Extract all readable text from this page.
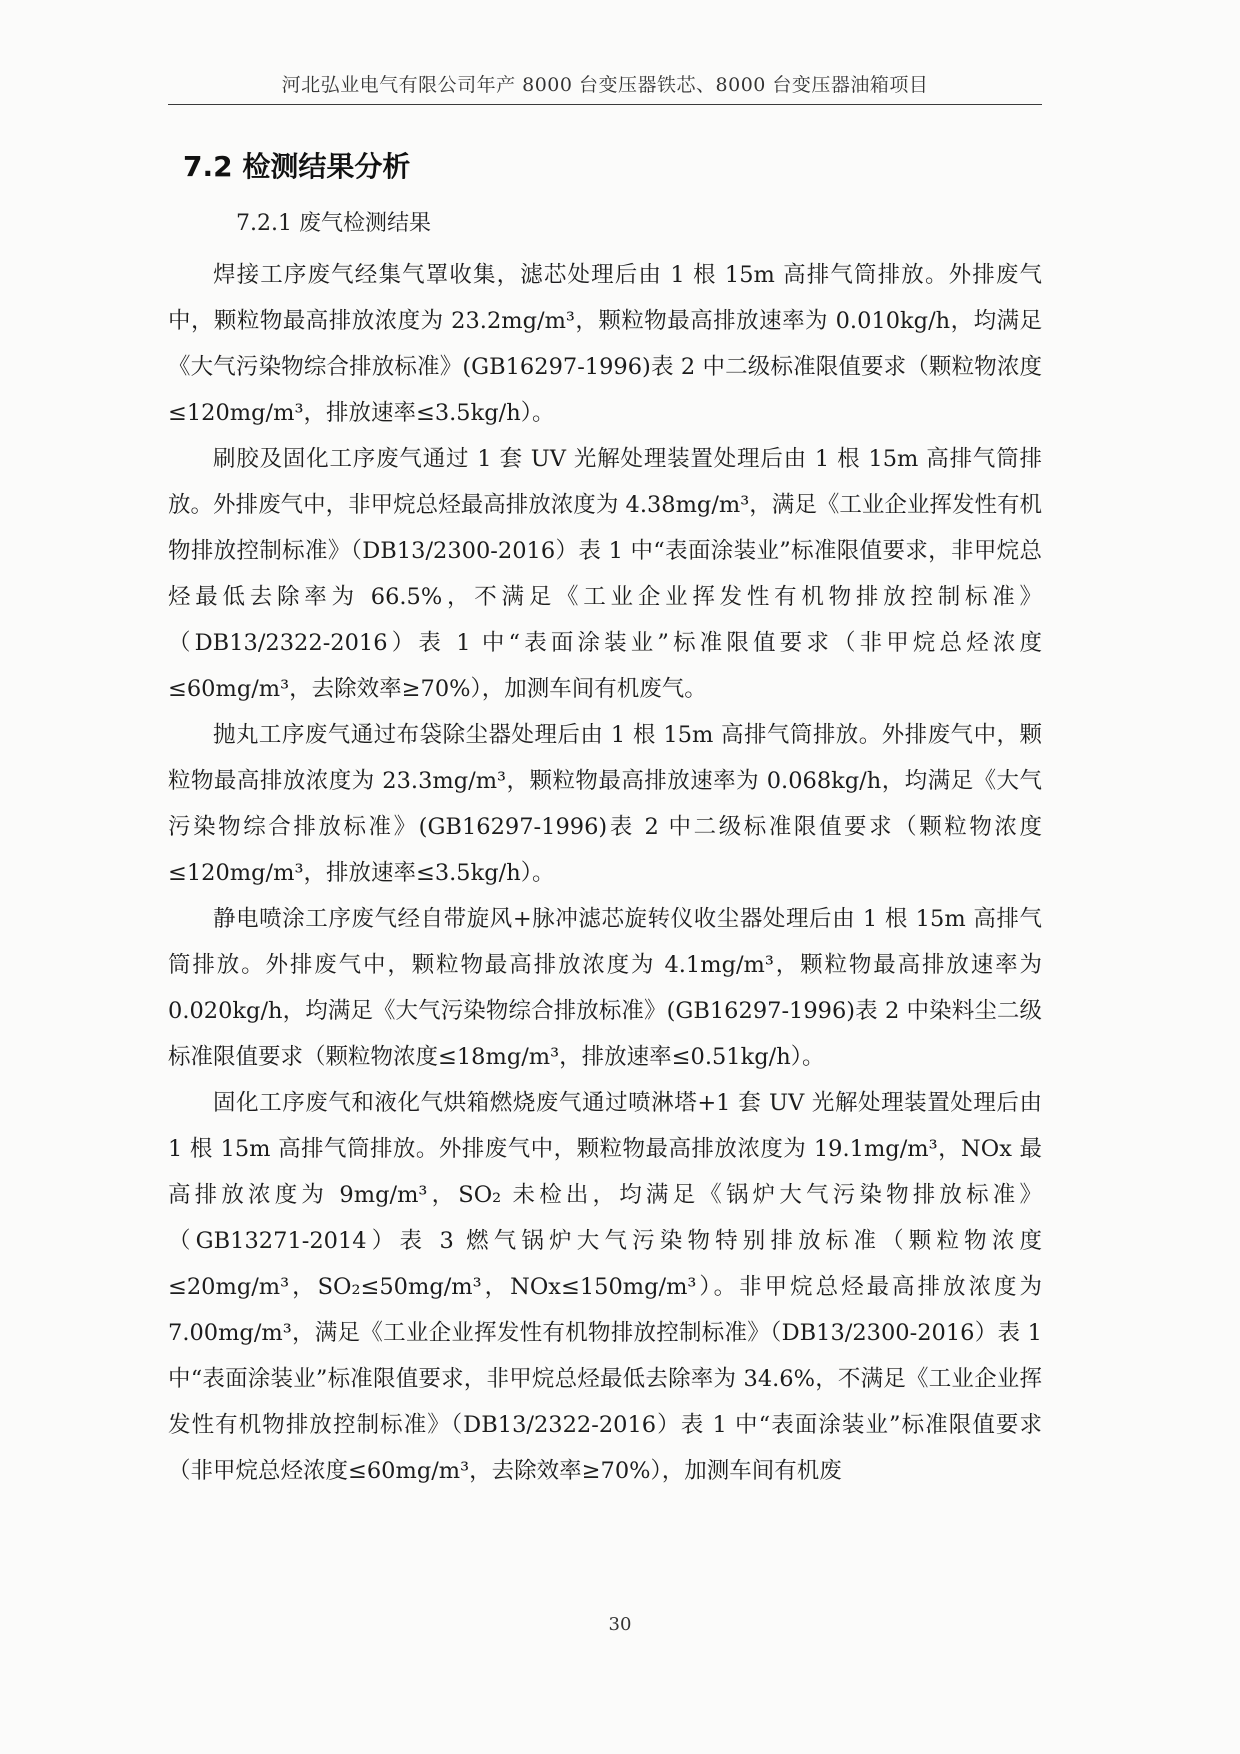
河北弘业电气有限公司年产 8000 台变压器铁芯、8000 台变压器油箱项目
7.2 检测结果分析
7.2.1 废气检测结果

焊接工序废气经集气罩收集，滤芯处理后由 1 根 15m 高排气筒排放。外排废气中，颗粒物最高排放浓度为 23.2mg/m³，颗粒物最高排放速率为 0.010kg/h，均满足《大气污染物综合排放标准》(GB16297-1996)表 2 中二级标准限值要求（颗粒物浓度≤120mg/m³，排放速率≤3.5kg/h）。

刷胶及固化工序废气通过 1 套 UV 光解处理装置处理后由 1 根 15m 高排气筒排放。外排废气中，非甲烷总烃最高排放浓度为 4.38mg/m³，满足《工业企业挥发性有机物排放控制标准》（DB13/2300-2016）表 1 中“表面涂装业”标准限值要求，非甲烷总烃最低去除率为 66.5%，不满足《工业企业挥发性有机物排放控制标准》（DB13/2322-2016）表 1 中“表面涂装业”标准限值要求（非甲烷总烃浓度≤60mg/m³，去除效率≥70%），加测车间有机废气。

抛丸工序废气通过布袋除尘器处理后由 1 根 15m 高排气筒排放。外排废气中，颗粒物最高排放浓度为 23.3mg/m³，颗粒物最高排放速率为 0.068kg/h，均满足《大气污染物综合排放标准》(GB16297-1996)表 2 中二级标准限值要求（颗粒物浓度≤120mg/m³，排放速率≤3.5kg/h）。

静电喷涂工序废气经自带旋风+脉冲滤芯旋转仪收尘器处理后由 1 根 15m 高排气筒排放。外排废气中，颗粒物最高排放浓度为 4.1mg/m³，颗粒物最高排放速率为 0.020kg/h，均满足《大气污染物综合排放标准》(GB16297-1996)表 2 中染料尘二级标准限值要求（颗粒物浓度≤18mg/m³，排放速率≤0.51kg/h）。

固化工序废气和液化气烘箱燃烧废气通过喷淋塔+1 套 UV 光解处理装置处理后由 1 根 15m 高排气筒排放。外排废气中，颗粒物最高排放浓度为 19.1mg/m³，NOx 最高排放浓度为 9mg/m³，SO₂ 未检出，均满足《锅炉大气污染物排放标准》（GB13271-2014）表 3 燃气锅炉大气污染物特别排放标准（颗粒物浓度≤20mg/m³，SO₂≤50mg/m³，NOx≤150mg/m³）。非甲烷总烃最高排放浓度为 7.00mg/m³，满足《工业企业挥发性有机物排放控制标准》（DB13/2300-2016）表 1 中“表面涂装业”标准限值要求，非甲烷总烃最低去除率为 34.6%，不满足《工业企业挥发性有机物排放控制标准》（DB13/2322-2016）表 1 中“表面涂装业”标准限值要求（非甲烷总烃浓度≤60mg/m³，去除效率≥70%），加测车间有机废

30
